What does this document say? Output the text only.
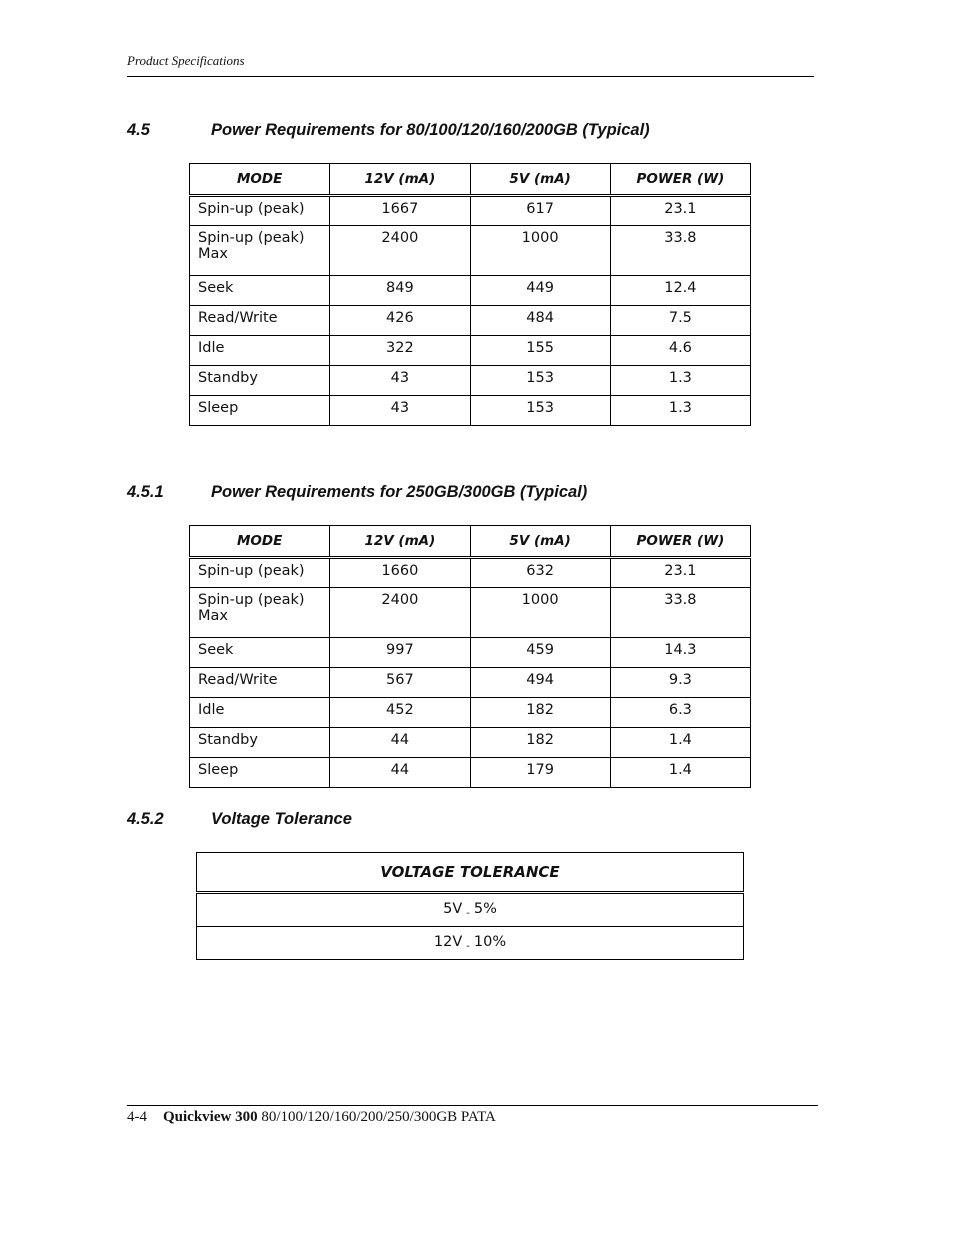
Product Specifications
4.5	Power Requirements for 80/100/120/160/200GB (Typical)
MODE	12V (mA)	5V (mA)	POWER (W)
Spin-up (peak)	1667	617	23.1
Spin-up (peak) Max	2400	1000	33.8
Seek	849	449	12.4
Read/Write	426	484	7.5
Idle	322	155	4.6
Standby	43	153	1.3
Sleep	43	153	1.3
4.5.1	Power Requirements for 250GB/300GB (Typical)
MODE	12V (mA)	5V (mA)	POWER (W)
Spin-up (peak)	1660	632	23.1
Spin-up (peak) Max	2400	1000	33.8
Seek	997	459	14.3
Read/Write	567	494	9.3
Idle	452	182	6.3
Standby	44	182	1.4
Sleep	44	179	1.4
4.5.2	Voltage Tolerance
VOLTAGE TOLERANCE
5V $_-$ 5%
12V $_-$ 10%
4-4 Quickview 300 80/100/120/160/200/250/300GB PATA
